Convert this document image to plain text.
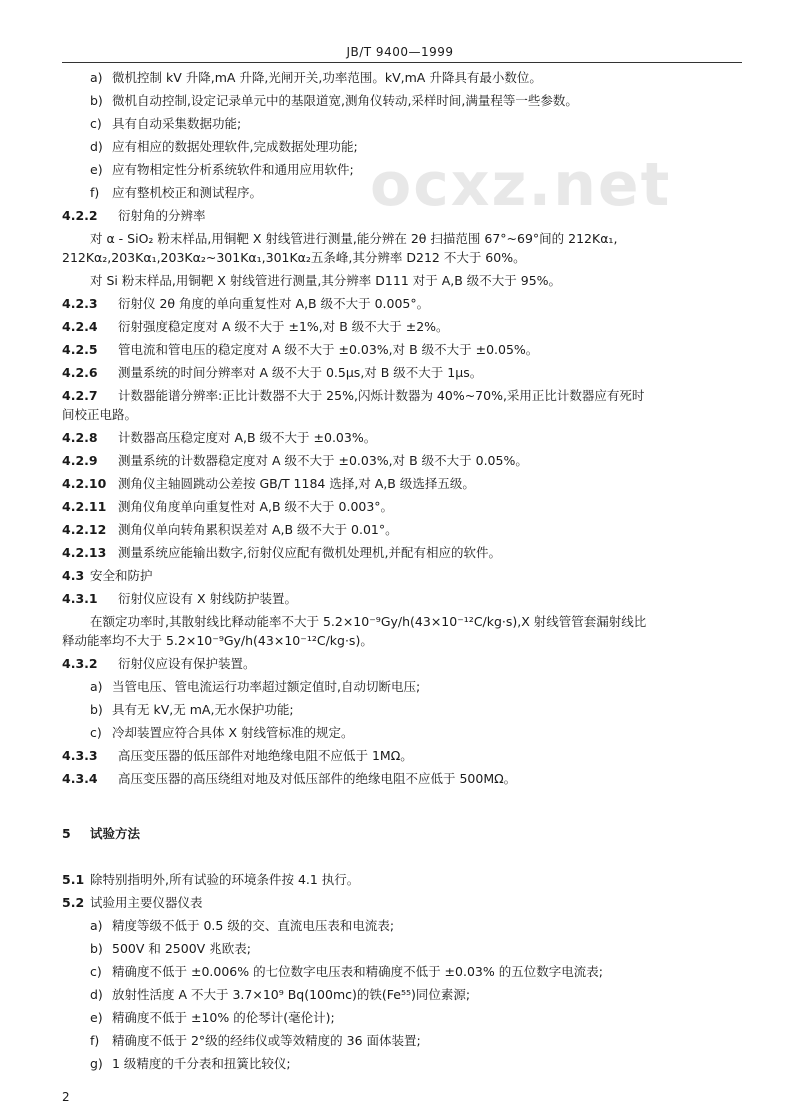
JB/T 9400—1999
ocxz.net
a) 微机控制 kV 升降,mA 升降,光闸开关,功率范围。kV,mA 升降具有最小数位。
b) 微机自动控制,设定记录单元中的基限道宽,测角仪转动,采样时间,满量程等一些参数。
c) 具有自动采集数据功能;
d) 应有相应的数据处理软件,完成数据处理功能;
e) 应有物相定性分析系统软件和通用应用软件;
f) 应有整机校正和测试程序。
4.2.2 衍射角的分辨率
对 α - SiO₂ 粉末样品,用铜靶 X 射线管进行测量,能分辨在 2θ 扫描范围 67°~69°间的 212Kα₁,
212Kα₂,203Kα₁,203Kα₂~301Kα₁,301Kα₂五条峰,其分辨率 D212 不大于 60%。
对 Si 粉末样品,用铜靶 X 射线管进行测量,其分辨率 D111 对于 A,B 级不大于 95%。
4.2.3 衍射仪 2θ 角度的单向重复性对 A,B 级不大于 0.005°。
4.2.4 衍射强度稳定度对 A 级不大于 ±1%,对 B 级不大于 ±2%。
4.2.5 管电流和管电压的稳定度对 A 级不大于 ±0.03%,对 B 级不大于 ±0.05%。
4.2.6 测量系统的时间分辨率对 A 级不大于 0.5μs,对 B 级不大于 1μs。
4.2.7 计数器能谱分辨率:正比计数器不大于 25%,闪烁计数器为 40%~70%,采用正比计数器应有死时
间校正电路。
4.2.8 计数器高压稳定度对 A,B 级不大于 ±0.03%。
4.2.9 测量系统的计数器稳定度对 A 级不大于 ±0.03%,对 B 级不大于 0.05%。
4.2.10 测角仪主轴圆跳动公差按 GB/T 1184 选择,对 A,B 级选择五级。
4.2.11 测角仪角度单向重复性对 A,B 级不大于 0.003°。
4.2.12 测角仪单向转角累积误差对 A,B 级不大于 0.01°。
4.2.13 测量系统应能输出数字,衍射仪应配有微机处理机,并配有相应的软件。
4.3 安全和防护
4.3.1 衍射仪应设有 X 射线防护装置。
在额定功率时,其散射线比释动能率不大于 5.2×10⁻⁹Gy/h(43×10⁻¹²C/kg·s),X 射线管管套漏射线比
释动能率均不大于 5.2×10⁻⁹Gy/h(43×10⁻¹²C/kg·s)。
4.3.2 衍射仪应设有保护装置。
a) 当管电压、管电流运行功率超过额定值时,自动切断电压;
b) 具有无 kV,无 mA,无水保护功能;
c) 冷却装置应符合具体 X 射线管标准的规定。
4.3.3 高压变压器的低压部件对地绝缘电阻不应低于 1MΩ。
4.3.4 高压变压器的高压绕组对地及对低压部件的绝缘电阻不应低于 500MΩ。
5 试验方法
5.1 除特别指明外,所有试验的环境条件按 4.1 执行。
5.2 试验用主要仪器仪表
a) 精度等级不低于 0.5 级的交、直流电压表和电流表;
b) 500V 和 2500V 兆欧表;
c) 精确度不低于 ±0.006% 的七位数字电压表和精确度不低于 ±0.03% 的五位数字电流表;
d) 放射性活度 A 不大于 3.7×10⁹ Bq(100mc)的铁(Fe⁵⁵)同位素源;
e) 精确度不低于 ±10% 的伦琴计(毫伦计);
f) 精确度不低于 2°级的经纬仪或等效精度的 36 面体装置;
g) 1 级精度的千分表和扭簧比较仪;
2
